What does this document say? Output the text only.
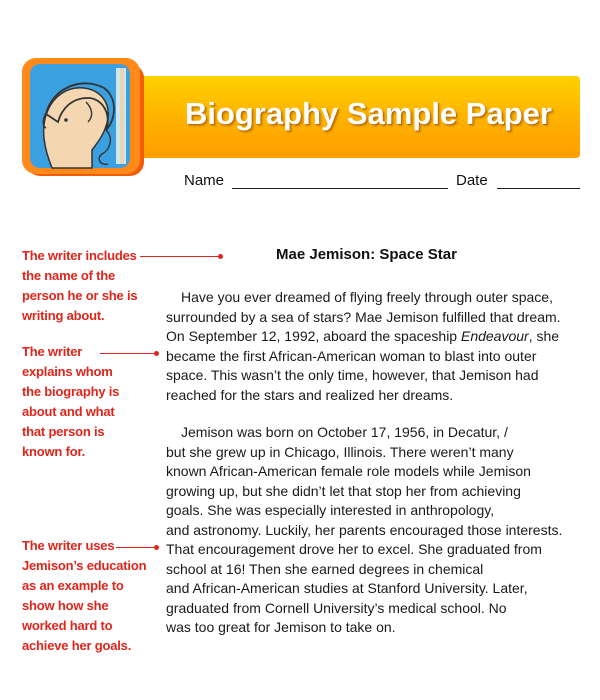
Biography Sample Paper
Name	Date
The writer includes
the name of the
person he or she is
writing about.
The writer
explains whom
the biography is
about and what
that person is
known for.
The writer uses
Jemison’s education
as an example to
show how she
worked hard to
achieve her goals.
Mae Jemison: Space Star
Have you ever dreamed of flying freely through outer space,
surrounded by a sea of stars? Mae Jemison fulfilled that dream.
On September 12, 1992, aboard the spaceship Endeavour, she
became the first African-American woman to blast into outer
space. This wasn’t the only time, however, that Jemison had
reached for the stars and realized her dreams.
Jemison was born on October 17, 1956, in Decatur, /
but she grew up in Chicago, Illinois. There weren’t many
known African-American female role models while Jemison
growing up, but she didn’t let that stop her from achieving
goals. She was especially interested in anthropology,
and astronomy. Luckily, her parents encouraged those interests.
That encouragement drove her to excel. She graduated from
school at 16! Then she earned degrees in chemical
and African-American studies at Stanford University. Later,
graduated from Cornell University’s medical school. No
was too great for Jemison to take on.
